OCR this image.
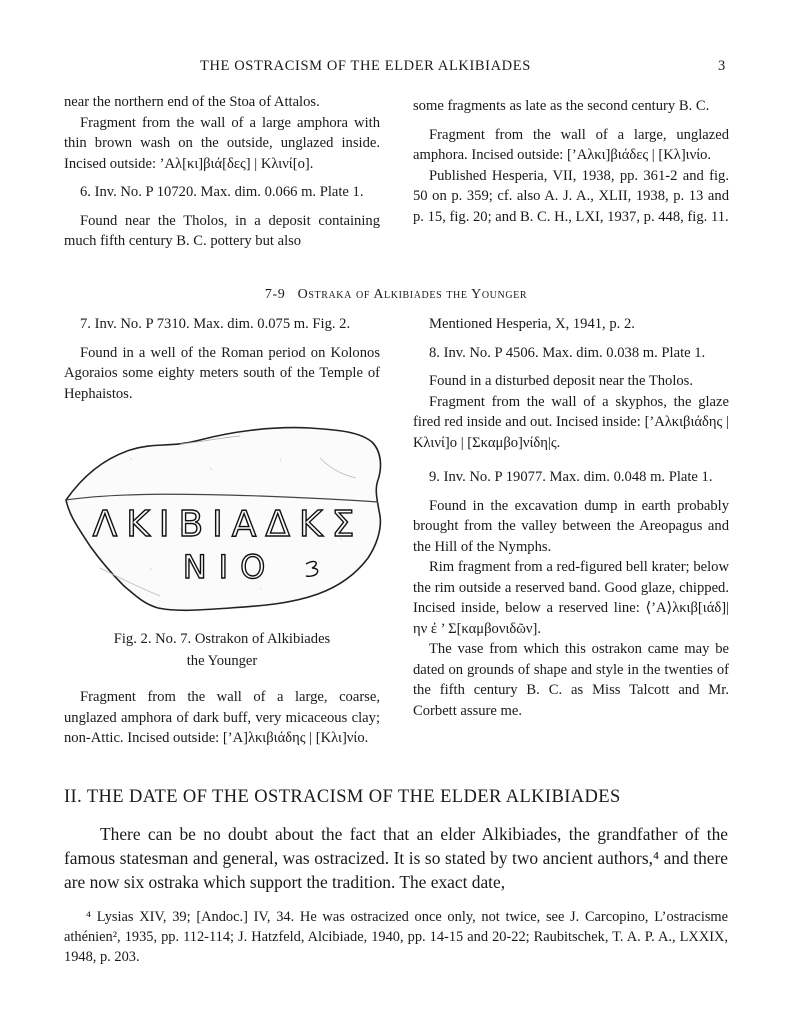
THE OSTRACISM OF THE ELDER ALKIBIADES	3

near the northern end of the Stoa of Attalos.

Fragment from the wall of a large amphora with thin brown wash on the outside, unglazed inside. Incised outside: ’Αλ[κι]βιά[δες] | Κλινί[ο].

6. Inv. No. P 10720. Max. dim. 0.066 m. Plate 1.

Found near the Tholos, in a deposit containing much fifth century B. C. pottery but also

some fragments as late as the second century B. C.

Fragment from the wall of a large, unglazed amphora. Incised outside: [’Αλκι]βιάδες | [Κλ]ινίο.

Published Hesperia, VII, 1938, pp. 361-2 and fig. 50 on p. 359; cf. also A. J. A., XLII, 1938, p. 13 and p. 15, fig. 20; and B. C. H., LXI, 1937, p. 448, fig. 11.

7-9 Ostraka of Alkibiades the Younger

7. Inv. No. P 7310. Max. dim. 0.075 m. Fig. 2.

Found in a well of the Roman period on Kolonos Agoraios some eighty meters south of the Temple of Hephaistos.

ΛΚΙΒΙΑΔΚΣ
ΝΙΟ
Fig. 2. No. 7. Ostrakon of Alkibiades
the Younger

Fragment from the wall of a large, coarse, unglazed amphora of dark buff, very micaceous clay; non-Attic. Incised outside: [’Α]λκιβιάδης | [Κλι]νίο.

Mentioned Hesperia, X, 1941, p. 2.

8. Inv. No. P 4506. Max. dim. 0.038 m. Plate 1.

Found in a disturbed deposit near the Tholos.

Fragment from the wall of a skyphos, the glaze fired red inside and out. Incised inside: [’Αλκιβιάδης | Κλινί]ο | [Σκαμβο]νίδη|ς.

9. Inv. No. P 19077. Max. dim. 0.048 m. Plate 1.

Found in the excavation dump in earth probably brought from the valley between the Areopagus and the Hill of the Nymphs.

Rim fragment from a red-figured bell krater; below the rim outside a reserved band. Good glaze, chipped. Incised inside, below a reserved line: ⟨’Α⟩λκιβ[ιάδ]|ην ἐ ’ Σ[καμβονιδῶν].

The vase from which this ostrakon came may be dated on grounds of shape and style in the twenties of the fifth century B. C. as Miss Talcott and Mr. Corbett assure me.

II. THE DATE OF THE OSTRACISM OF THE ELDER ALKIBIADES

There can be no doubt about the fact that an elder Alkibiades, the grandfather of the famous statesman and general, was ostracized. It is so stated by two ancient authors,⁴ and there are now six ostraka which support the tradition. The exact date,

⁴ Lysias XIV, 39; [Andoc.] IV, 34. He was ostracized once only, not twice, see J. Carcopino, L’ostracisme athénien², 1935, pp. 112-114; J. Hatzfeld, Alcibiade, 1940, pp. 14-15 and 20-22; Raubitschek, T. A. P. A., LXXIX, 1948, p. 203.
